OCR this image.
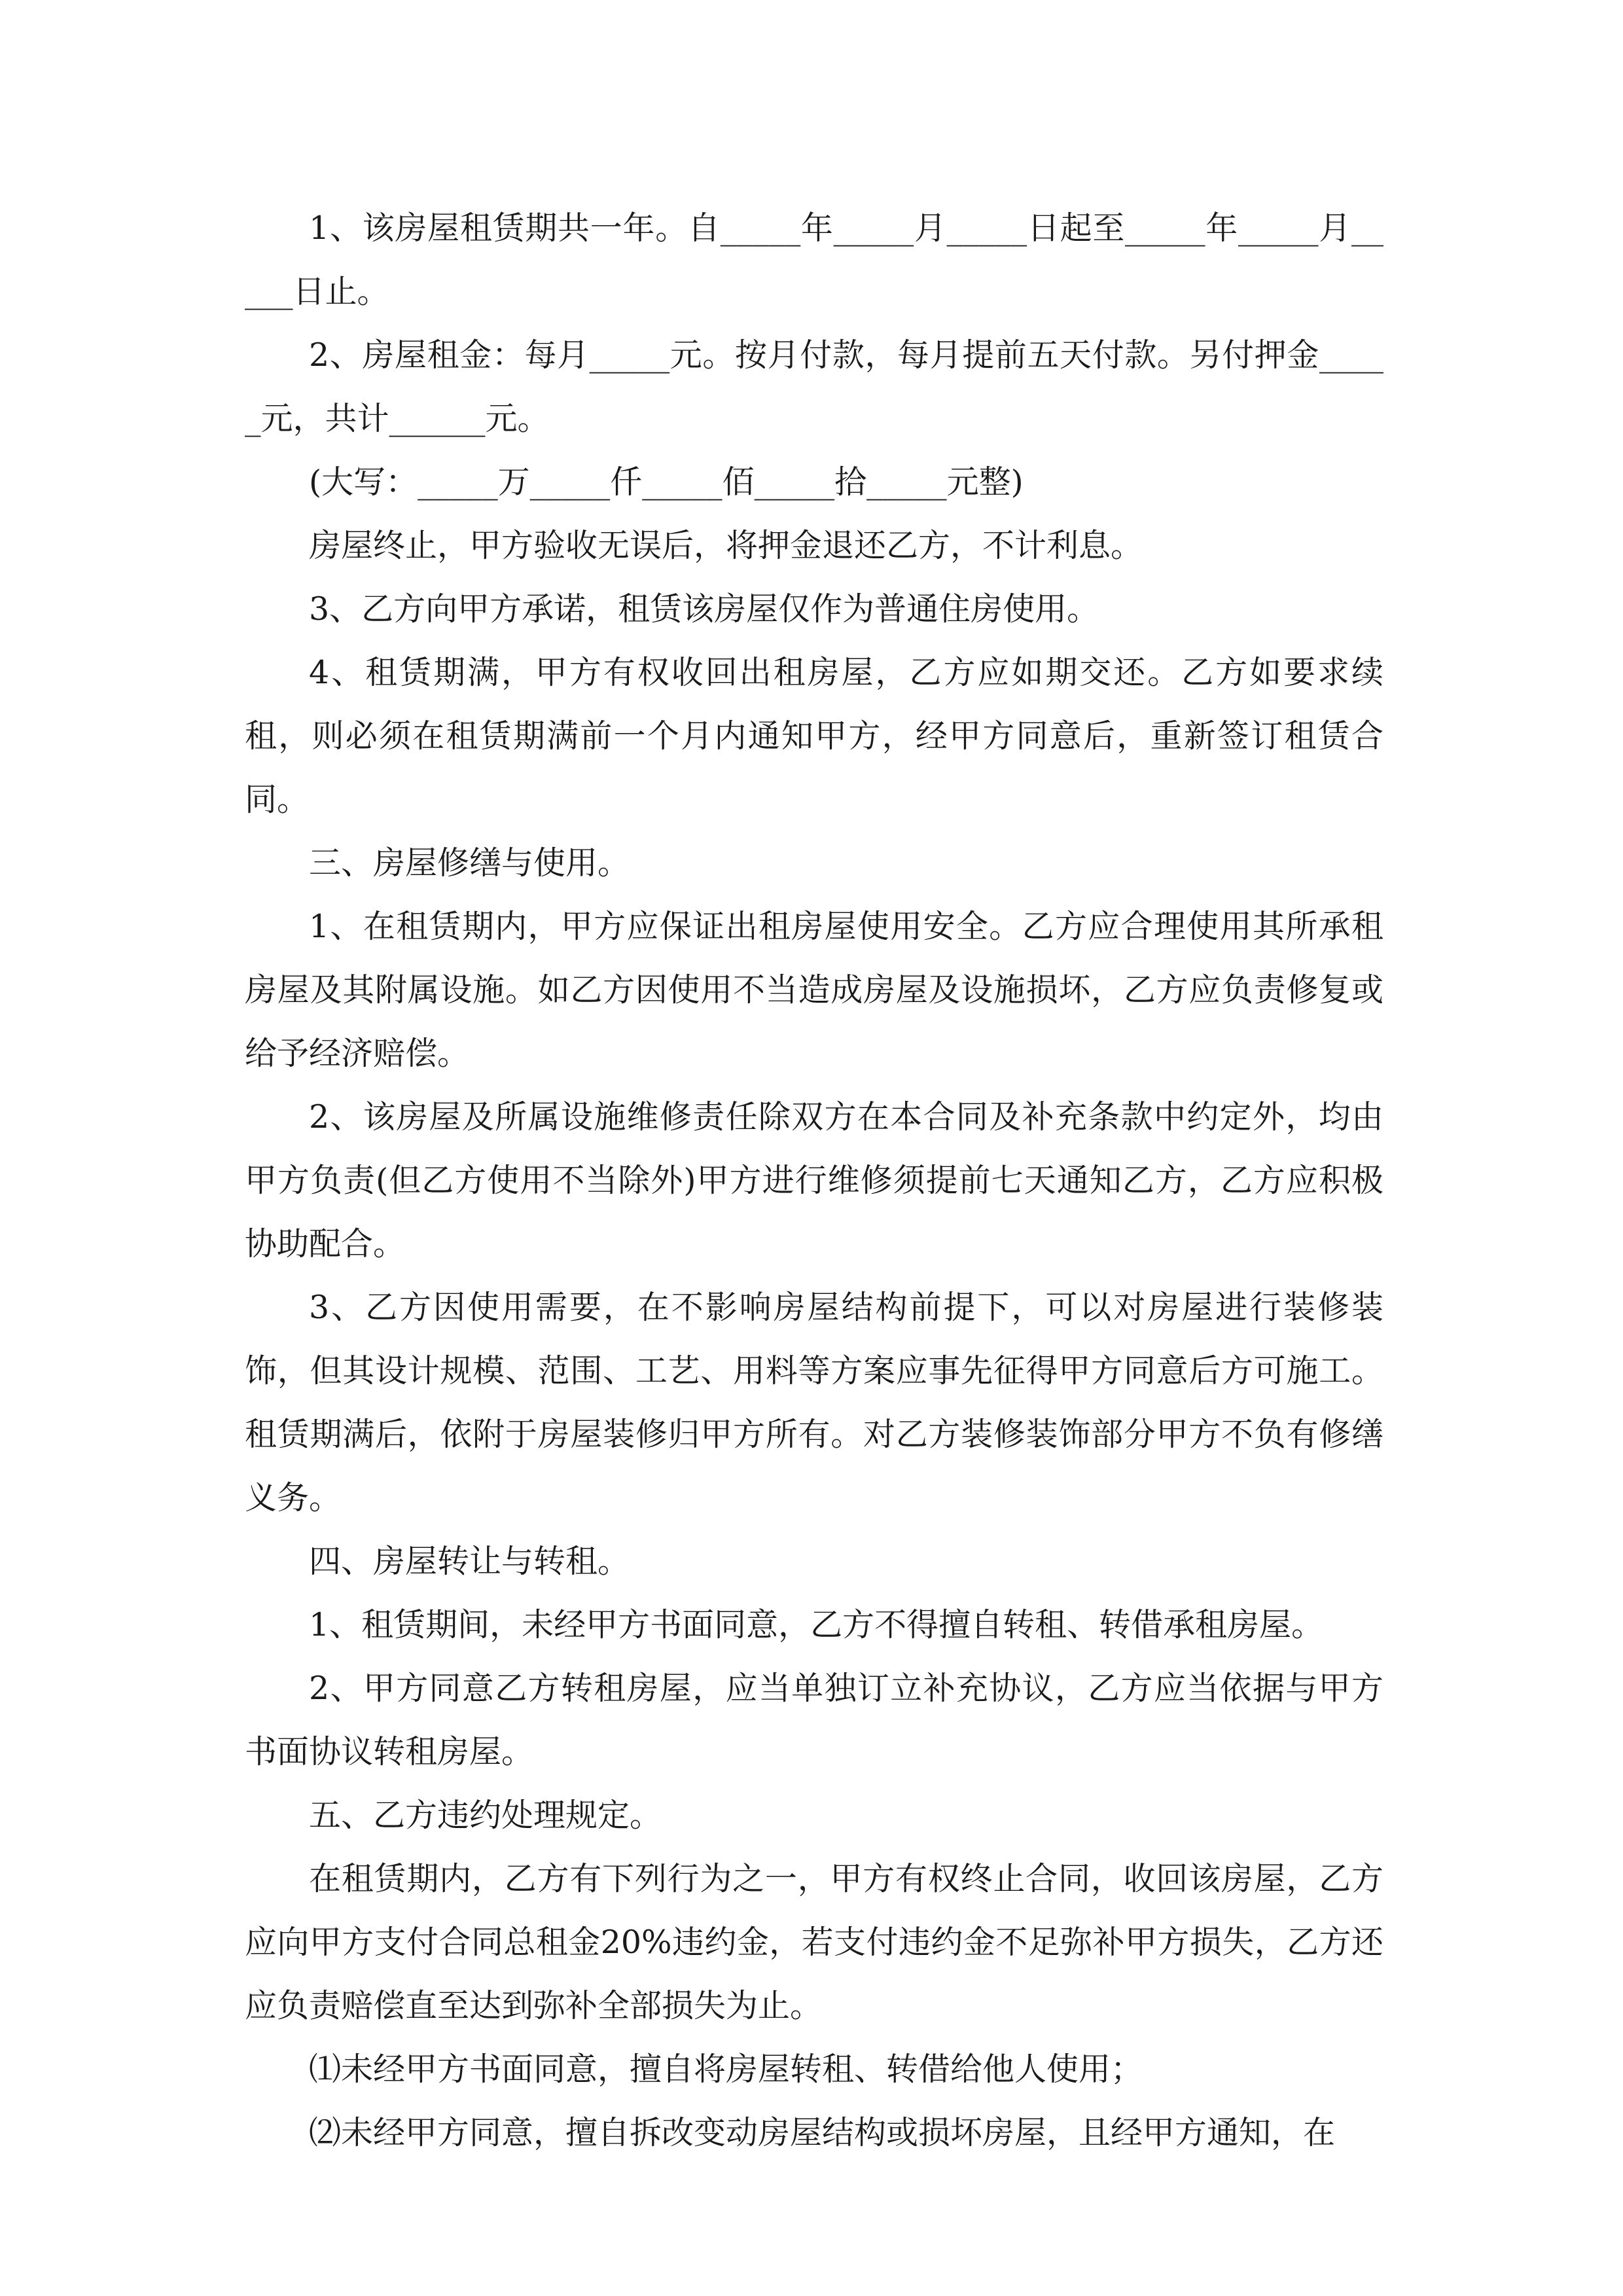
1、该房屋租赁期共一年。自_____年_____月_____日起至_____年_____月_____日止。

2、房屋租金：每月_____元。按月付款，每月提前五天付款。另付押金_____元，共计______元。

(大写：_____万_____仟_____佰_____拾_____元整)

房屋终止，甲方验收无误后，将押金退还乙方，不计利息。

3、乙方向甲方承诺，租赁该房屋仅作为普通住房使用。

4、租赁期满，甲方有权收回出租房屋，乙方应如期交还。乙方如要求续租，则必须在租赁期满前一个月内通知甲方，经甲方同意后，重新签订租赁合同。

三、房屋修缮与使用。

1、在租赁期内，甲方应保证出租房屋使用安全。乙方应合理使用其所承租房屋及其附属设施。如乙方因使用不当造成房屋及设施损坏，乙方应负责修复或给予经济赔偿。

2、该房屋及所属设施维修责任除双方在本合同及补充条款中约定外，均由甲方负责(但乙方使用不当除外)甲方进行维修须提前七天通知乙方，乙方应积极协助配合。

3、乙方因使用需要，在不影响房屋结构前提下，可以对房屋进行装修装饰，但其设计规模、范围、工艺、用料等方案应事先征得甲方同意后方可施工。租赁期满后，依附于房屋装修归甲方所有。对乙方装修装饰部分甲方不负有修缮义务。

四、房屋转让与转租。

1、租赁期间，未经甲方书面同意，乙方不得擅自转租、转借承租房屋。

2、甲方同意乙方转租房屋，应当单独订立补充协议，乙方应当依据与甲方书面协议转租房屋。

五、乙方违约处理规定。

在租赁期内，乙方有下列行为之一，甲方有权终止合同，收回该房屋，乙方应向甲方支付合同总租金20%违约金，若支付违约金不足弥补甲方损失，乙方还应负责赔偿直至达到弥补全部损失为止。

⑴未经甲方书面同意，擅自将房屋转租、转借给他人使用；

⑵未经甲方同意，擅自拆改变动房屋结构或损坏房屋，且经甲方通知，在
